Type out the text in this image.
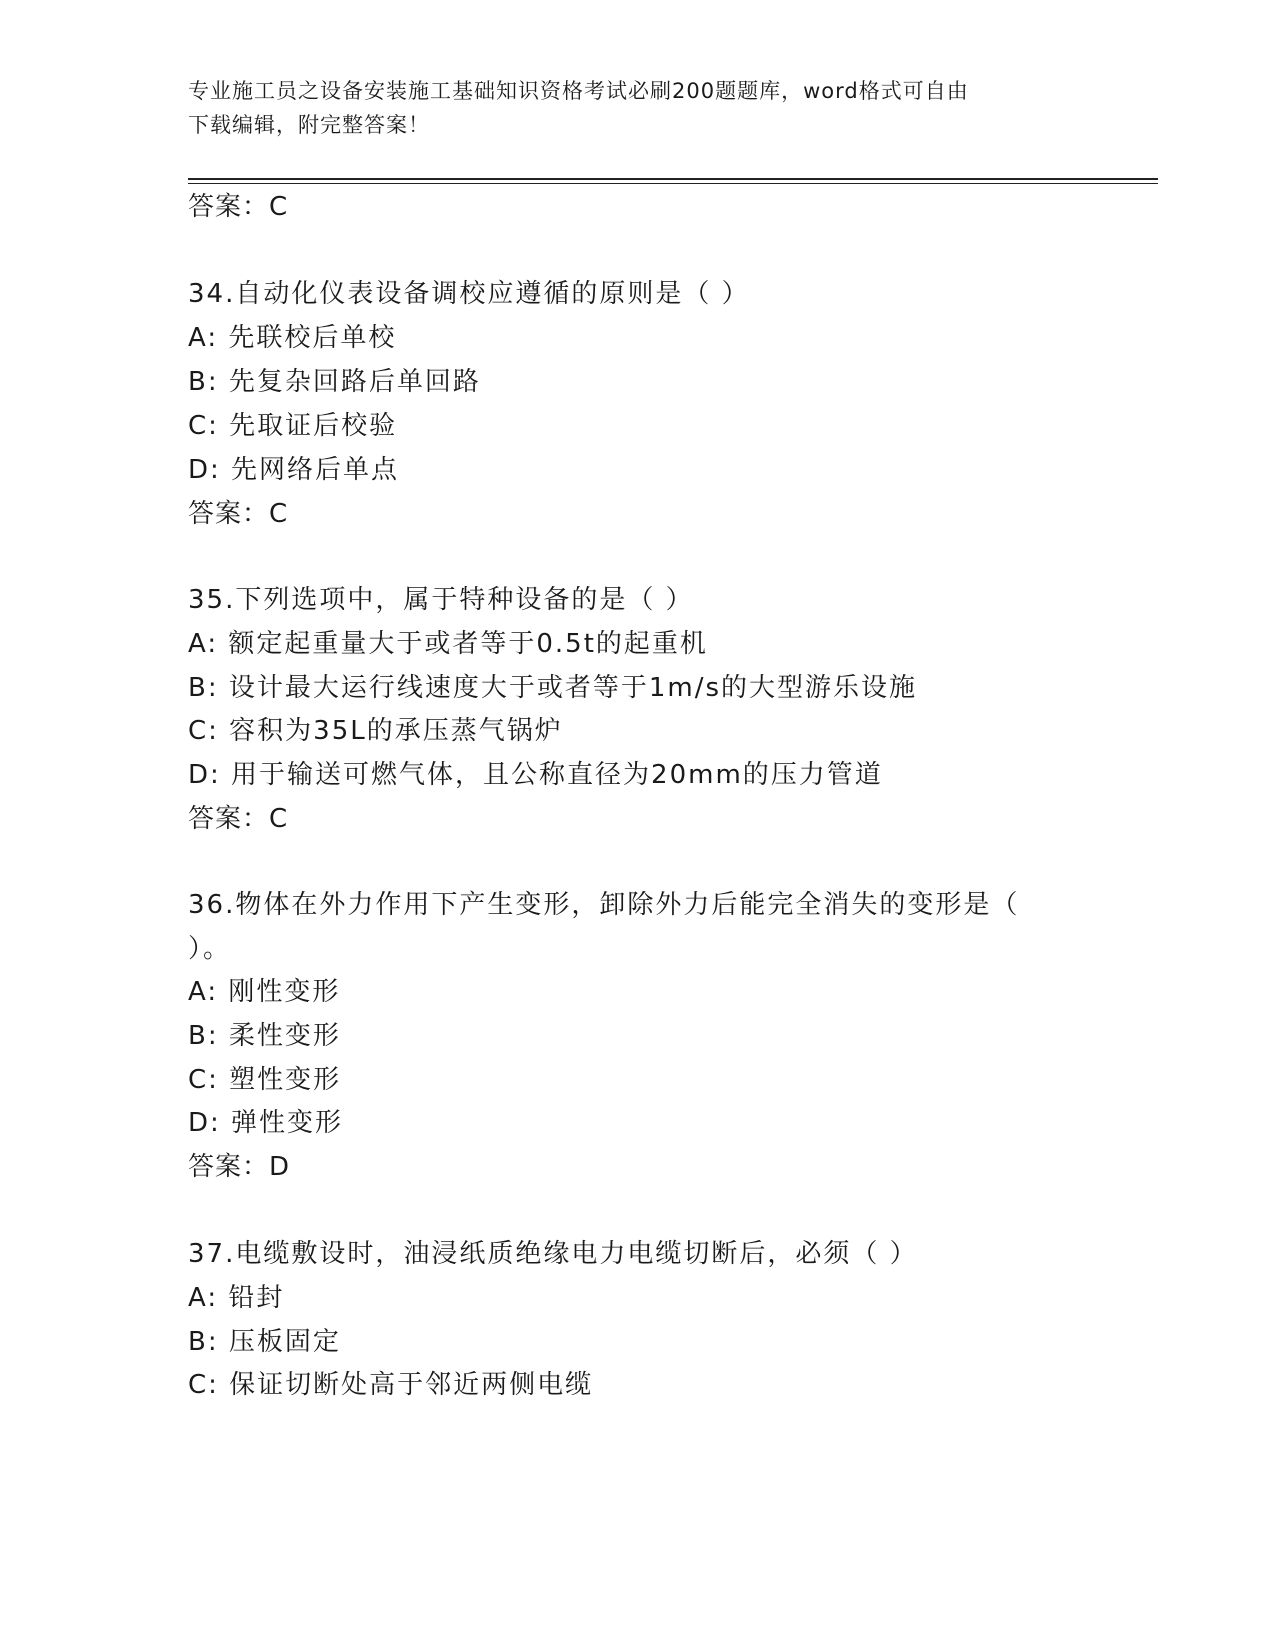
专业施工员之设备安装施工基础知识资格考试必刷200题题库，word格式可自由
下载编辑，附完整答案！
答案：C
34.自动化仪表设备调校应遵循的原则是（ ）
A: 先联校后单校
B: 先复杂回路后单回路
C: 先取证后校验
D: 先网络后单点
答案：C
35.下列选项中，属于特种设备的是（ ）
A: 额定起重量大于或者等于0.5t的起重机
B: 设计最大运行线速度大于或者等于1m/s的大型游乐设施
C: 容积为35L的承压蒸气锅炉
D: 用于输送可燃气体，且公称直径为20mm的压力管道
答案：C
36.物体在外力作用下产生变形，卸除外力后能完全消失的变形是（
）。
A: 刚性变形
B: 柔性变形
C: 塑性变形
D: 弹性变形
答案：D
37.电缆敷设时，油浸纸质绝缘电力电缆切断后，必须（ ）
A: 铅封
B: 压板固定
C: 保证切断处高于邻近两侧电缆
